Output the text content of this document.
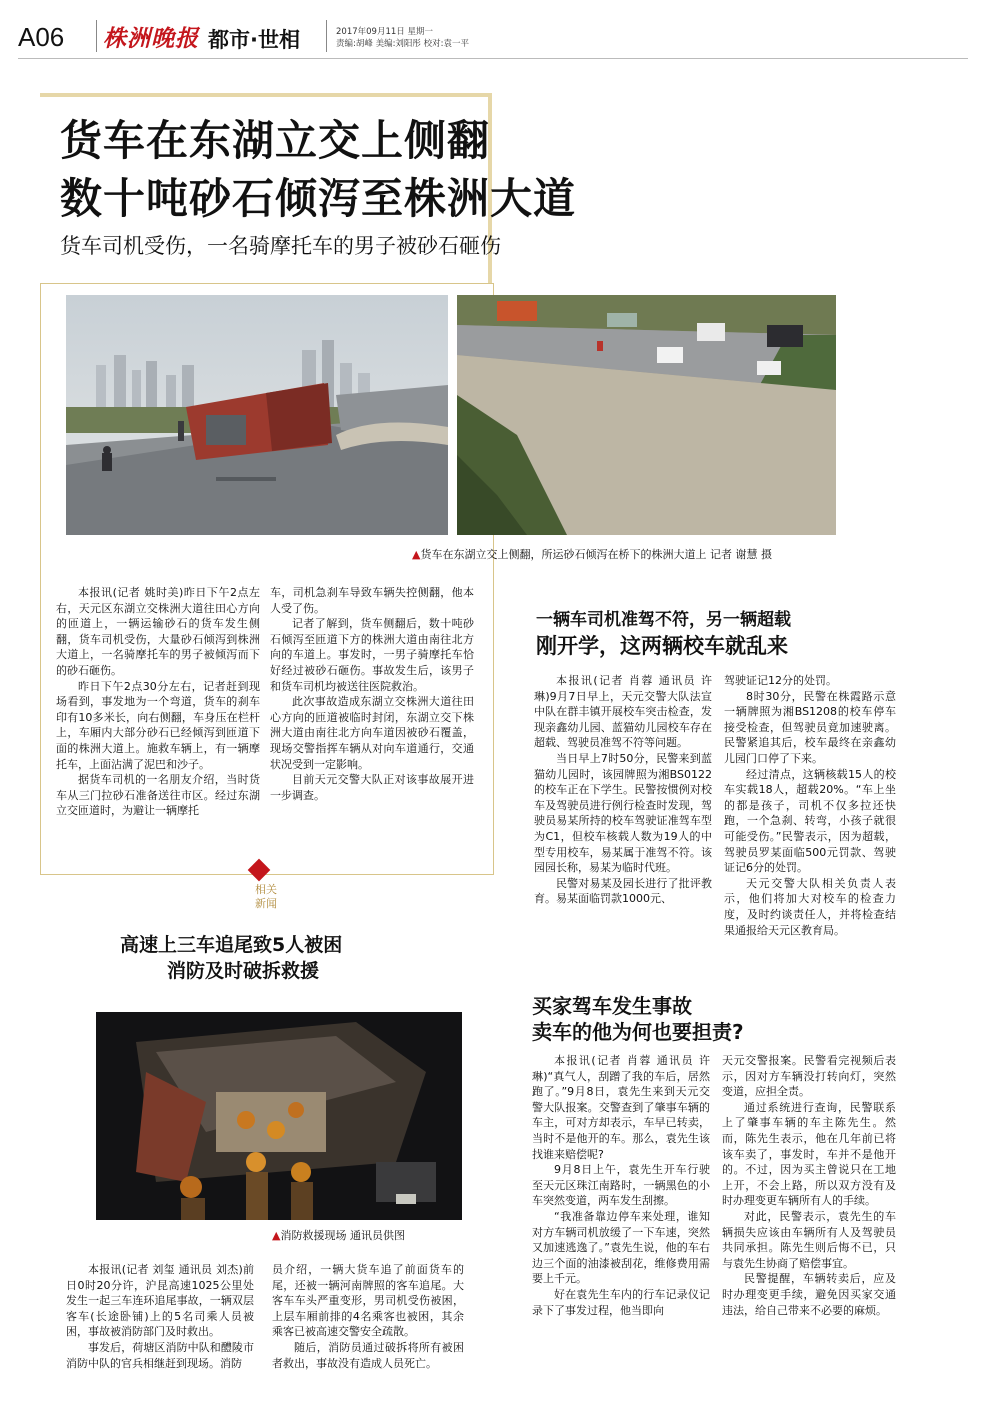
A06 株洲晚报 都市·世相	2017年09月11日 星期一
责编:胡峰 美编:刘阳彤 校对:袁一平
货车在东湖立交上侧翻
数十吨砂石倾泻至株洲大道
货车司机受伤，一名骑摩托车的男子被砂石砸伤
▲货车在东湖立交上侧翻，所运砂石倾泻在桥下的株洲大道上 记者 谢慧 摄

本报讯(记者 姚时美)昨日下午2点左右，天元区东湖立交株洲大道往田心方向的匝道上，一辆运输砂石的货车发生侧翻，货车司机受伤，大量砂石倾泻到株洲大道上，一名骑摩托车的男子被倾泻而下的砂石砸伤。

昨日下午2点30分左右，记者赶到现场看到，事发地为一个弯道，货车的刹车印有10多米长，向右侧翻，车身压在栏杆上，车厢内大部分砂石已经倾泻到匝道下面的株洲大道上。施救车辆上，有一辆摩托车，上面沾满了泥巴和沙子。

据货车司机的一名朋友介绍，当时货车从三门拉砂石准备送往市区。经过东湖立交匝道时，为避让一辆摩托

车，司机急刹车导致车辆失控侧翻，他本人受了伤。

记者了解到，货车侧翻后，数十吨砂石倾泻至匝道下方的株洲大道由南往北方向的车道上。事发时，一男子骑摩托车恰好经过被砂石砸伤。事故发生后，该男子和货车司机均被送往医院救治。

此次事故造成东湖立交株洲大道往田心方向的匝道被临时封闭，东湖立交下株洲大道由南往北方向车道因被砂石覆盖，现场交警指挥车辆从对向车道通行，交通状况受到一定影响。

目前天元交警大队正对该事故展开进一步调查。

一辆车司机准驾不符，另一辆超载
刚开学，这两辆校车就乱来

本报讯(记者 肖蓉 通讯员 许琳)9月7日早上，天元交警大队法宣中队在群丰镇开展校车突击检查，发现亲鑫幼儿园、蓝猫幼儿园校车存在超载、驾驶员准驾不符等问题。

当日早上7时50分，民警来到蓝猫幼儿园时，该园牌照为湘BS0122的校车正在下学生。民警按惯例对校车及驾驶员进行例行检查时发现，驾驶员易某所持的校车驾驶证准驾车型为C1，但校车核载人数为19人的中型专用校车，易某属于准驾不符。该园园长称，易某为临时代班。

民警对易某及园长进行了批评教育。易某面临罚款1000元、

驾驶证记12分的处罚。

8时30分，民警在株霞路示意一辆牌照为湘BS1208的校车停车接受检查，但驾驶员竟加速驶离。民警紧追其后，校车最终在亲鑫幼儿园门口停了下来。

经过清点，这辆核载15人的校车实载18人，超载20%。“车上坐的都是孩子，司机不仅多拉还快跑，一个急刹、转弯，小孩子就很可能受伤。”民警表示，因为超载，驾驶员罗某面临500元罚款、驾驶证记6分的处罚。

天元交警大队相关负责人表示，他们将加大对校车的检查力度，及时约谈责任人，并将检查结果通报给天元区教育局。

相关新闻
高速上三车追尾致5人被困
消防及时破拆救援
▲消防救援现场 通讯员供图

本报讯(记者 刘玺 通讯员 刘杰)前日0时20分许，沪昆高速1025公里处发生一起三车连环追尾事故，一辆双层客车(长途卧铺)上的5名司乘人员被困，事故被消防部门及时救出。

事发后，荷塘区消防中队和醴陵市消防中队的官兵相继赶到现场。消防

员介绍，一辆大货车追了前面货车的尾，还被一辆河南牌照的客车追尾。大客车车头严重变形，男司机受伤被困，上层车厢前排的4名乘客也被困，其余乘客已被高速交警安全疏散。

随后，消防员通过破拆将所有被困者救出，事故没有造成人员死亡。

买家驾车发生事故
卖车的他为何也要担责?

本报讯(记者 肖蓉 通讯员 许琳)“真气人，刮蹭了我的车后，居然跑了。”9月8日，袁先生来到天元交警大队报案。交警查到了肇事车辆的车主，可对方却表示，车早已转卖，当时不是他开的车。那么，袁先生该找谁来赔偿呢?

9月8日上午，袁先生开车行驶至天元区珠江南路时，一辆黑色的小车突然变道，两车发生刮擦。

“我准备靠边停车来处理，谁知对方车辆司机放缓了一下车速，突然又加速逃逸了。”袁先生说，他的车右边三个面的油漆被刮花，维修费用需要上千元。

好在袁先生车内的行车记录仪记录下了事发过程，他当即向

天元交警报案。民警看完视频后表示，因对方车辆没打转向灯，突然变道，应担全责。

通过系统进行查询，民警联系上了肇事车辆的车主陈先生。然而，陈先生表示，他在几年前已将该车卖了，事发时，车并不是他开的。不过，因为买主曾说只在工地上开，不会上路，所以双方没有及时办理变更车辆所有人的手续。

对此，民警表示，袁先生的车辆损失应该由车辆所有人及驾驶员共同承担。陈先生则后悔不已，只与袁先生协商了赔偿事宜。

民警提醒，车辆转卖后，应及时办理变更手续，避免因买家交通违法，给自己带来不必要的麻烦。
